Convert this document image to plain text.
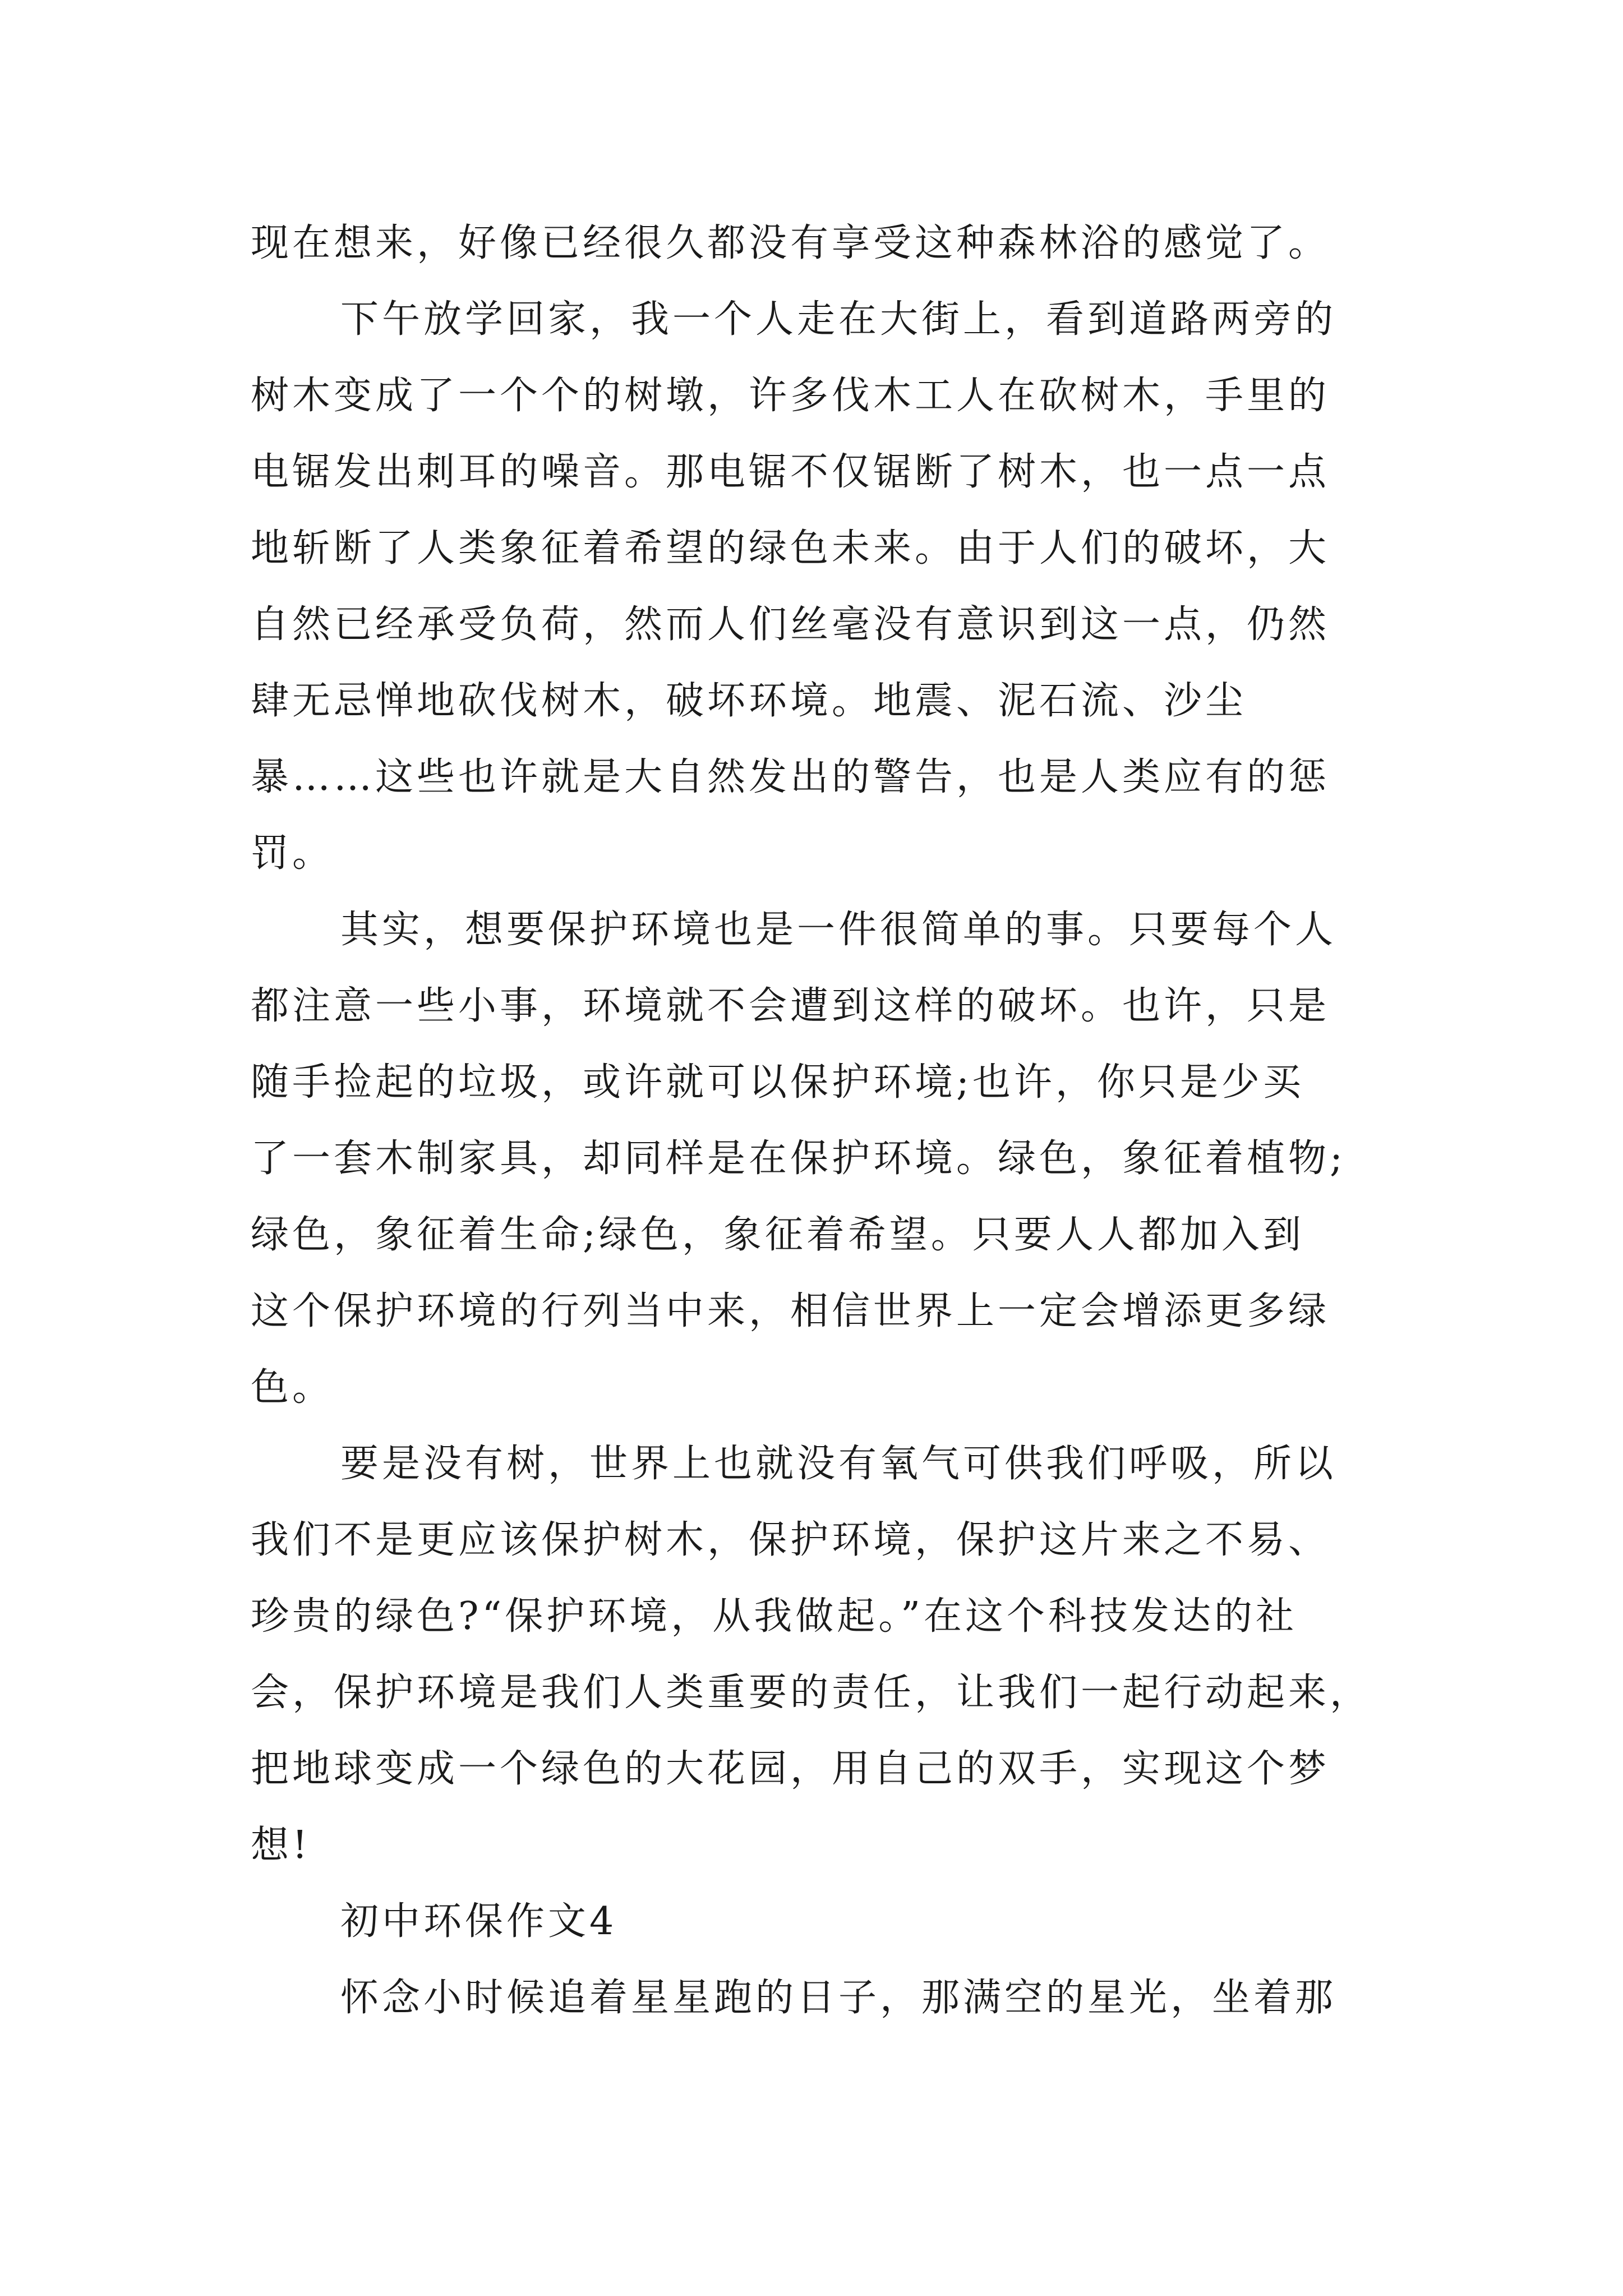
现在想来，好像已经很久都没有享受这种森林浴的感觉了。
下午放学回家，我一个人走在大街上，看到道路两旁的
树木变成了一个个的树墩，许多伐木工人在砍树木，手里的
电锯发出刺耳的噪音。那电锯不仅锯断了树木，也一点一点
地斩断了人类象征着希望的绿色未来。由于人们的破坏，大
自然已经承受负荷，然而人们丝毫没有意识到这一点，仍然
肆无忌惮地砍伐树木，破坏环境。地震、泥石流、沙尘
暴……这些也许就是大自然发出的警告，也是人类应有的惩
罚。
其实，想要保护环境也是一件很简单的事。只要每个人
都注意一些小事，环境就不会遭到这样的破坏。也许，只是
随手捡起的垃圾，或许就可以保护环境;也许，你只是少买
了一套木制家具，却同样是在保护环境。绿色，象征着植物;
绿色，象征着生命;绿色，象征着希望。只要人人都加入到
这个保护环境的行列当中来，相信世界上一定会增添更多绿
色。
要是没有树，世界上也就没有氧气可供我们呼吸，所以
我们不是更应该保护树木，保护环境，保护这片来之不易、
珍贵的绿色?“保护环境，从我做起。”在这个科技发达的社
会，保护环境是我们人类重要的责任，让我们一起行动起来，
把地球变成一个绿色的大花园，用自己的双手，实现这个梦
想!
初中环保作文4
怀念小时候追着星星跑的日子，那满空的星光，坐着那
